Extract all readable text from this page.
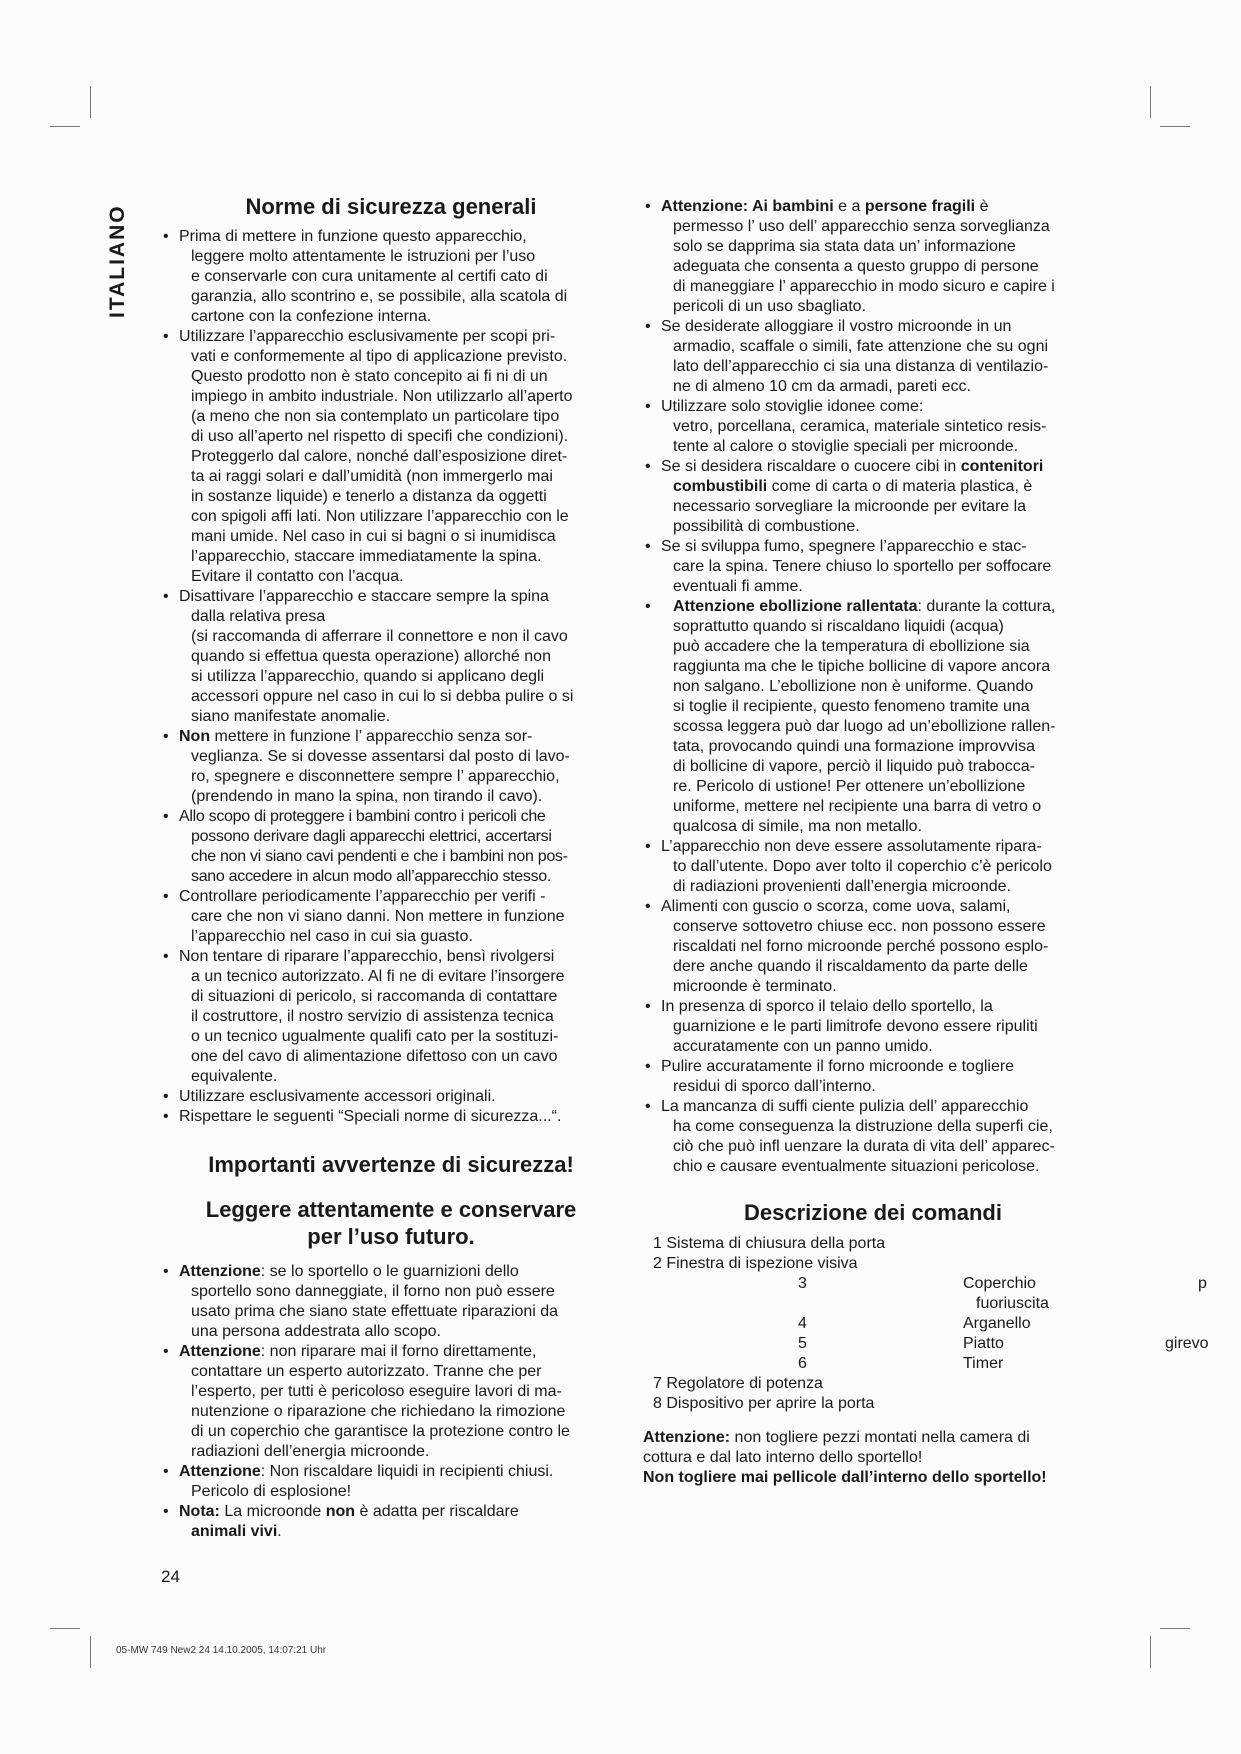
ITALIANO	Norme di sicurezza generali
• Prima di mettere in funzione questo apparecchio,
leggere molto attentamente le istruzioni per l’uso
e conservarle con cura unitamente al certifi cato di
garanzia, allo scontrino e, se possibile, alla scatola di
cartone con la confezione interna.
• Utilizzare l’apparecchio esclusivamente per scopi pri-
vati e conformemente al tipo di applicazione previsto.
Questo prodotto non è stato concepito ai fi ni di un
impiego in ambito industriale. Non utilizzarlo all’aperto
(a meno che non sia contemplato un particolare tipo
di uso all’aperto nel rispetto di specifi che condizioni).
Proteggerlo dal calore, nonché dall’esposizione diret-
ta ai raggi solari e dall’umidità (non immergerlo mai
in sostanze liquide) e tenerlo a distanza da oggetti
con spigoli affi lati. Non utilizzare l’apparecchio con le
mani umide. Nel caso in cui si bagni o si inumidisca
l’apparecchio, staccare immediatamente la spina.
Evitare il contatto con l’acqua.
• Disattivare l’apparecchio e staccare sempre la spina
dalla relativa presa
(si raccomanda di afferrare il connettore e non il cavo
quando si effettua questa operazione) allorché non
si utilizza l’apparecchio, quando si applicano degli
accessori oppure nel caso in cui lo si debba pulire o si
siano manifestate anomalie.
• Non mettere in funzione l’ apparecchio senza sor-
veglianza. Se si dovesse assentarsi dal posto di lavo-
ro, spegnere e disconnettere sempre l’ apparecchio,
(prendendo in mano la spina, non tirando il cavo).
• Allo scopo di proteggere i bambini contro i pericoli che
possono derivare dagli apparecchi elettrici, accertarsi
che non vi siano cavi pendenti e che i bambini non pos-
sano accedere in alcun modo all’apparecchio stesso.
• Controllare periodicamente l’apparecchio per verifi -
care che non vi siano danni. Non mettere in funzione
l’apparecchio nel caso in cui sia guasto.
• Non tentare di riparare l’apparecchio, bensì rivolgersi
a un tecnico autorizzato. Al fi ne di evitare l’insorgere
di situazioni di pericolo, si raccomanda di contattare
il costruttore, il nostro servizio di assistenza tecnica
o un tecnico ugualmente qualifi cato per la sostituzi-
one del cavo di alimentazione difettoso con un cavo
equivalente.
• Utilizzare esclusivamente accessori originali.
• Rispettare le seguenti “Speciali norme di sicurezza...“.
Importanti avvertenze di sicurezza!
Leggere attentamente e conservare
per l’uso futuro.
• Attenzione: se lo sportello o le guarnizioni dello
sportello sono danneggiate, il forno non può essere
usato prima che siano state effettuate riparazioni da
una persona addestrata allo scopo.
• Attenzione: non riparare mai il forno direttamente,
contattare un esperto autorizzato. Tranne che per
l’esperto, per tutti è pericoloso eseguire lavori di ma-
nutenzione o riparazione che richiedano la rimozione
di un coperchio che garantisce la protezione contro le
radiazioni dell’energia microonde.
• Attenzione: Non riscaldare liquidi in recipienti chiusi.
Pericolo di esplosione!
• Nota: La microonde non è adatta per riscaldare
animali vivi.
• Attenzione: Ai bambini e a persone fragili è
permesso l’ uso dell’ apparecchio senza sorveglianza
solo se dapprima sia stata data un’ informazione
adeguata che consenta a questo gruppo di persone
di maneggiare l’ apparecchio in modo sicuro e capire i
pericoli di un uso sbagliato.
• Se desiderate alloggiare il vostro microonde in un
armadio, scaffale o simili, fate attenzione che su ogni
lato dell’apparecchio ci sia una distanza di ventilazio-
ne di almeno 10 cm da armadi, pareti ecc.
• Utilizzare solo stoviglie idonee come:
vetro, porcellana, ceramica, materiale sintetico resis-
tente al calore o stoviglie speciali per microonde.
• Se si desidera riscaldare o cuocere cibi in contenitori
combustibili come di carta o di materia plastica, è
necessario sorvegliare la microonde per evitare la
possibilità di combustione.
• Se si sviluppa fumo, spegnere l’apparecchio e stac-
care la spina. Tenere chiuso lo sportello per soffocare
eventuali fi amme.
• Attenzione ebollizione rallentata: durante la cottura,
soprattutto quando si riscaldano liquidi (acqua)
può accadere che la temperatura di ebollizione sia
raggiunta ma che le tipiche bollicine di vapore ancora
non salgano. L’ebollizione non è uniforme. Quando
si toglie il recipiente, questo fenomeno tramite una
scossa leggera può dar luogo ad un’ebollizione rallen-
tata, provocando quindi una formazione improvvisa
di bollicine di vapore, perciò il liquido può trabocca-
re. Pericolo di ustione! Per ottenere un’ebollizione
uniforme, mettere nel recipiente una barra di vetro o
qualcosa di simile, ma non metallo.
• L’apparecchio non deve essere assolutamente ripara-
to dall’utente. Dopo aver tolto il coperchio c’è pericolo
di radiazioni provenienti dall’energia microonde.
• Alimenti con guscio o scorza, come uova, salami,
conserve sottovetro chiuse ecc. non possono essere
riscaldati nel forno microonde perché possono esplo-
dere anche quando il riscaldamento da parte delle
microonde è terminato.
• In presenza di sporco il telaio dello sportello, la
guarnizione e le parti limitrofe devono essere ripuliti
accuratamente con un panno umido.
• Pulire accuratamente il forno microonde e togliere
residui di sporco dall’interno.
• La mancanza di suffi ciente pulizia dell’ apparecchio
ha come conseguenza la distruzione della superfi cie,
ciò che può infl uenzare la durata di vita dell’ apparec-
chio e causare eventualmente situazioni pericolose.
Descrizione dei comandi
1 Sistema di chiusura della porta
2 Finestra di ispezione visiva
3	Coperchio	p
fuoriuscita
4	Arganello
5	Piatto	girevo
6	Timer
7 Regolatore di potenza
8 Dispositivo per aprire la porta

Attenzione: non togliere pezzi montati nella camera di

cottura e dal lato interno dello sportello!

Non togliere mai pellicole dall’interno dello sportello!

24
05-MW 749 New2 24 14.10.2005, 14:07:21 Uhr
